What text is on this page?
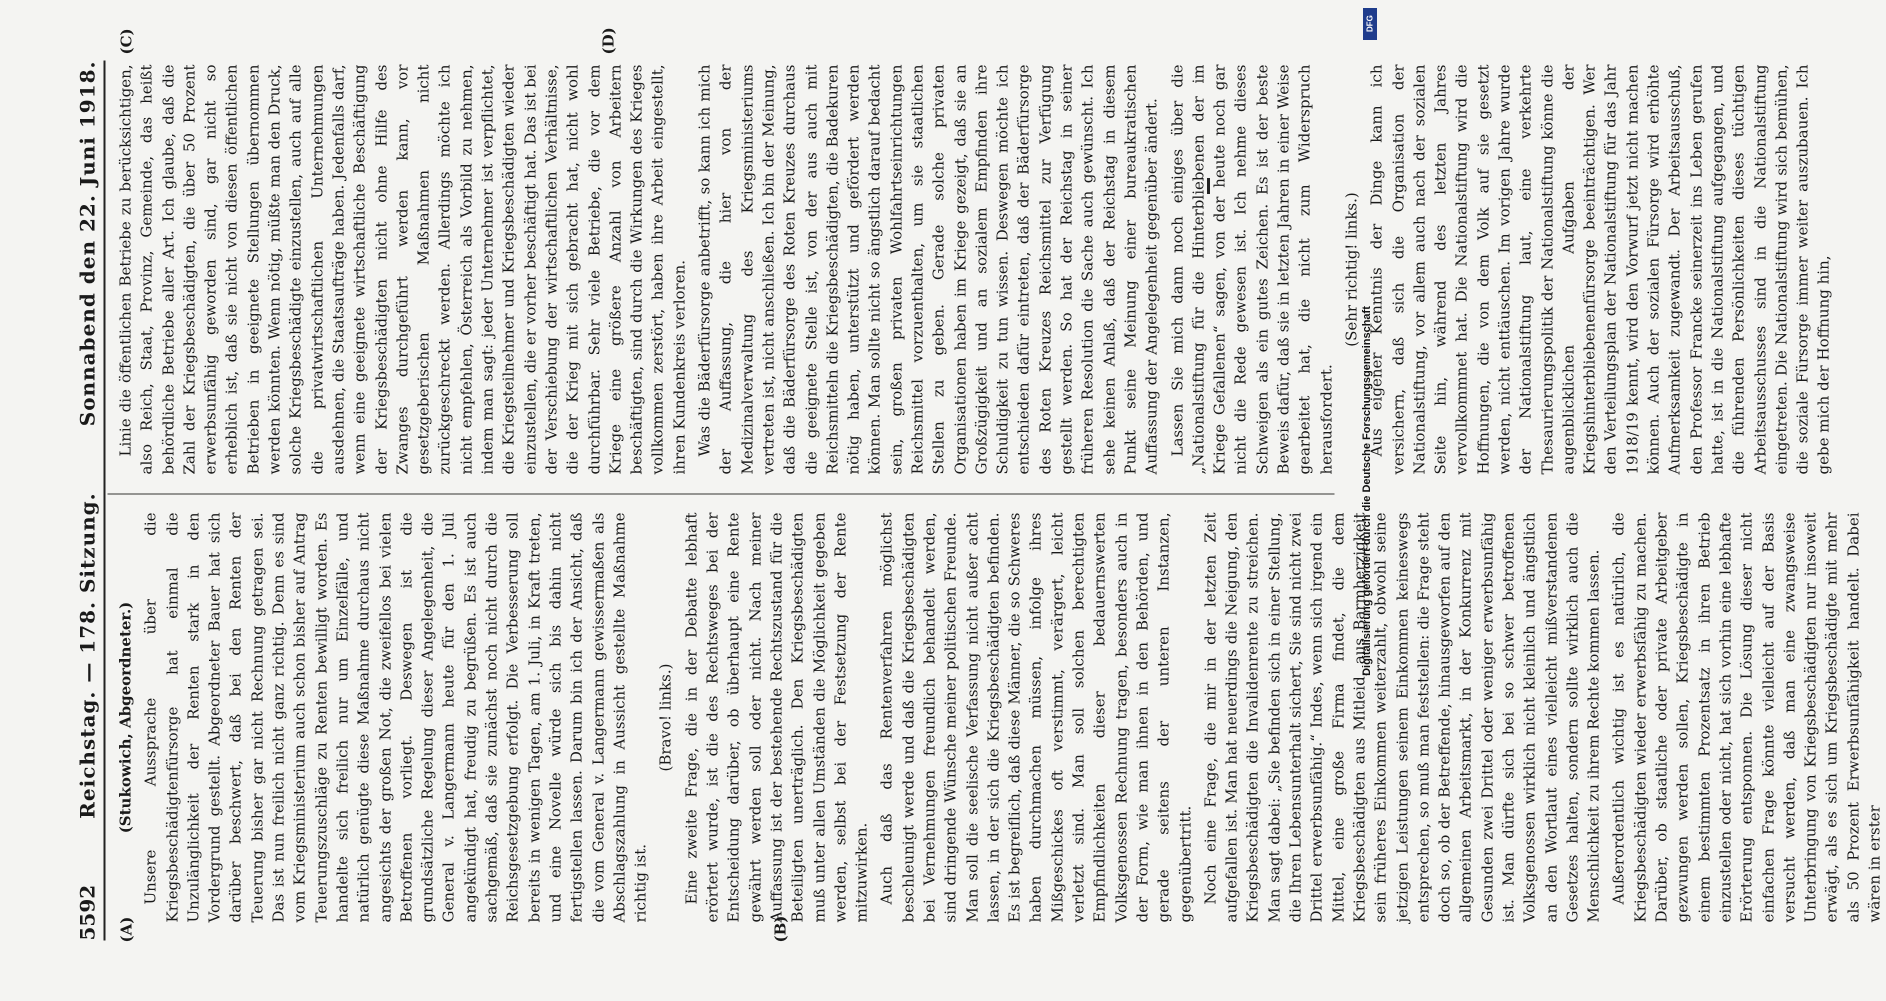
5592
Reichstag. — 178. Sitzung.
Sonnabend den 22. Juni 1918.
(A)	(B)
(C)	(D)

(Stukowich, Abgeordneter.) Unsere Aussprache über die Kriegsbeschädigtenfürsorge hat einmal die Unzulänglichkeit der Renten stark in den Vordergrund gestellt. Abgeordneter Bauer hat sich darüber beschwert, daß bei den Renten der Teuerung bisher gar nicht Rechnung getragen sei. Das ist nun freilich nicht ganz richtig. Denn es sind vom Kriegsministerium auch schon bisher auf Antrag Teuerungszuschläge zu Renten bewilligt worden. Es handelte sich freilich nur um Einzelfälle, und natürlich genügte diese Maßnahme durchaus nicht angesichts der großen Not, die zweifellos bei vielen Betroffenen vorliegt. Deswegen ist die grundsätzliche Regelung dieser Angelegenheit, die General v. Langermann heute für den 1. Juli angekündigt hat, freudig zu begrüßen. Es ist auch sachgemäß, daß sie zunächst noch nicht durch die Reichsgesetzgebung erfolgt. Die Verbesserung soll bereits in wenigen Tagen, am 1. Juli, in Kraft treten, und eine Novelle würde sich bis dahin nicht fertigstellen lassen. Darum bin ich der Ansicht, daß die vom General v. Langermann gewissermaßen als Abschlagszahlung in Aussicht gestellte Maßnahme richtig ist.

(Bravo! links.) Eine zweite Frage, die in der Debatte lebhaft erörtert wurde, ist die des Rechtsweges bei der Entscheidung darüber, ob überhaupt eine Rente gewährt werden soll oder nicht. Nach meiner Auffassung ist der bestehende Rechtszustand für die Beteiligten unerträglich. Den Kriegsbeschädigten muß unter allen Umständen die Möglichkeit gegeben werden, selbst bei der Festsetzung der Rente mitzuwirken. Auch daß das Rentenverfahren möglichst beschleunigt werde und daß die Kriegsbeschädigten bei Vernehmungen freundlich behandelt werden, sind dringende Wünsche meiner politischen Freunde. Man soll die seelische Verfassung nicht außer acht lassen, in der sich die Kriegsbeschädigten befinden. Es ist begreiflich, daß diese Männer, die so Schweres haben durchmachen müssen, infolge ihres Mißgeschickes oft verstimmt, verärgert, leicht verletzt sind. Man soll solchen berechtigten Empfindlichkeiten dieser bedauernswerten Volksgenossen Rechnung tragen, besonders auch in der Form, wie man ihnen in den Behörden, und gerade seitens der unteren Instanzen, gegenübertritt. Noch eine Frage, die mir in der letzten Zeit aufgefallen ist. Man hat neuerdings die Neigung, den Kriegsbeschädigten die Invalidenrente zu streichen. Man sagt dabei: „Sie befinden sich in einer Stellung, die Ihren Lebensunterhalt sichert, Sie sind nicht zwei Drittel erwerbsunfähig.“ Indes, wenn sich irgend ein Mittel, eine große Firma findet, die dem Kriegsbeschädigten aus Mitleid, aus Barmherzigkeit sein früheres Einkommen weiterzahlt, obwohl seine jetzigen Leistungen seinem Einkommen keineswegs entsprechen, so muß man feststellen: die Frage steht doch so, ob der Betreffende, hinausgeworfen auf den allgemeinen Arbeitsmarkt, in der Konkurrenz mit Gesunden zwei Drittel oder weniger erwerbsunfähig ist. Man dürfte sich bei so schwer betroffenen Volksgenossen wirklich nicht kleinlich und ängstlich an den Wortlaut eines vielleicht mißverstandenen Gesetzes halten, sondern sollte wirklich auch die Menschlichkeit zu ihrem Rechte kommen lassen. Außerordentlich wichtig ist es natürlich, die Kriegsbeschädigten wieder erwerbsfähig zu machen. Darüber, ob staatliche oder private Arbeitgeber gezwungen werden sollen, Kriegsbeschädigte in einem bestimmten Prozentsatz in ihren Betrieb einzustellen oder nicht, hat sich vorhin eine lebhafte Erörterung entsponnen. Die Lösung dieser nicht einfachen Frage könnte vielleicht auf der Basis versucht werden, daß man eine zwangsweise Unterbringung von Kriegsbeschädigten nur insoweit erwägt, als es sich um Kriegsbeschädigte mit mehr als 50 Prozent Erwerbsunfähigkeit handelt. Dabei wären in erster

Linie die öffentlichen Betriebe zu berücksichtigen, also Reich, Staat, Provinz, Gemeinde, das heißt behördliche Betriebe aller Art. Ich glaube, daß die Zahl der Kriegsbeschädigten, die über 50 Prozent erwerbsunfähig geworden sind, gar nicht so erheblich ist, daß sie nicht von diesen öffentlichen Betrieben in geeignete Stellungen übernommen werden könnten. Wenn nötig, müßte man den Druck, solche Kriegsbeschädigte einzustellen, auch auf alle die privatwirtschaftlichen Unternehmungen ausdehnen, die Staatsaufträge haben. Jedenfalls darf, wenn eine geeignete wirtschaftliche Beschäftigung der Kriegsbeschädigten nicht ohne Hilfe des Zwanges durchgeführt werden kann, vor gesetzgeberischen Maßnahmen nicht zurückgeschreckt werden. Allerdings möchte ich nicht empfehlen, Österreich als Vorbild zu nehmen, indem man sagt: jeder Unternehmer ist verpflichtet, die Kriegsteilnehmer und Kriegsbeschädigten wieder einzustellen, die er vorher beschäftigt hat. Das ist bei der Verschiebung der wirtschaftlichen Verhältnisse, die der Krieg mit sich gebracht hat, nicht wohl durchführbar. Sehr viele Betriebe, die vor dem Kriege eine größere Anzahl von Arbeitern beschäftigten, sind durch die Wirkungen des Krieges vollkommen zerstört, haben ihre Arbeit eingestellt, ihren Kundenkreis verloren. Was die Bäderfürsorge anbetrifft, so kann ich mich der Auffassung, die hier von der Medizinalverwaltung des Kriegsministeriums vertreten ist, nicht anschließen. Ich bin der Meinung, daß die Bäderfürsorge des Roten Kreuzes durchaus die geeignete Stelle ist, von der aus auch mit Reichsmitteln die Kriegsbeschädigten, die Badekuren nötig haben, unterstützt und gefördert werden können. Man sollte nicht so ängstlich darauf bedacht sein, großen privaten Wohlfahrtseinrichtungen Reichsmittel vorzuenthalten, um sie staatlichen Stellen zu geben. Gerade solche privaten Organisationen haben im Kriege gezeigt, daß sie an Großzügigkeit und an sozialem Empfinden ihre Schuldigkeit zu tun wissen. Deswegen möchte ich entschieden dafür eintreten, daß der Bäderfürsorge des Roten Kreuzes Reichsmittel zur Verfügung gestellt werden. So hat der Reichstag in seiner früheren Resolution die Sache auch gewünscht. Ich sehe keinen Anlaß, daß der Reichstag in diesem Punkt seine Meinung einer bureaukratischen Auffassung der Angelegenheit gegenüber ändert. Lassen Sie mich dann noch einiges über die „Nationalstiftung für die Hinterbliebenen der im Kriege Gefallenen“ sagen, von der heute noch gar nicht die Rede gewesen ist. Ich nehme dieses Schweigen als ein gutes Zeichen. Es ist der beste Beweis dafür, daß sie in letzten Jahren in einer Weise gearbeitet hat, die nicht zum Widerspruch herausfordert.

(Sehr richtig! links.) Aus eigener Kenntnis der Dinge kann ich versichern, daß sich die Organisation der Nationalstiftung, vor allem auch nach der sozialen Seite hin, während des letzten Jahres vervollkommnet hat. Die Nationalstiftung wird die Hoffnungen, die von dem Volk auf sie gesetzt werden, nicht enttäuschen. Im vorigen Jahre wurde der Nationalstiftung laut, eine verkehrte Thesaurierungspolitik der Nationalstiftung könne die augenblicklichen Aufgaben der Kriegshinterbliebenenfürsorge beeinträchtigen. Wer den Verteilungsplan der Nationalstiftung für das Jahr 1918/19 kennt, wird den Vorwurf jetzt nicht machen können. Auch der sozialen Fürsorge wird erhöhte Aufmerksamkeit zugewandt. Der Arbeitsausschuß, den Professor Francke seinerzeit ins Leben gerufen hatte, ist in die Nationalstiftung aufgegangen, und die führenden Persönlichkeiten dieses tüchtigen Arbeitsausschusses sind in die Nationalstiftung eingetreten. Die Nationalstiftung wird sich bemühen, die soziale Fürsorge immer weiter auszubauen. Ich gebe mich der Hoffnung hin,

Digitalisierung gefördert durch die Deutsche Forschungsgemeinschaft
DFG
